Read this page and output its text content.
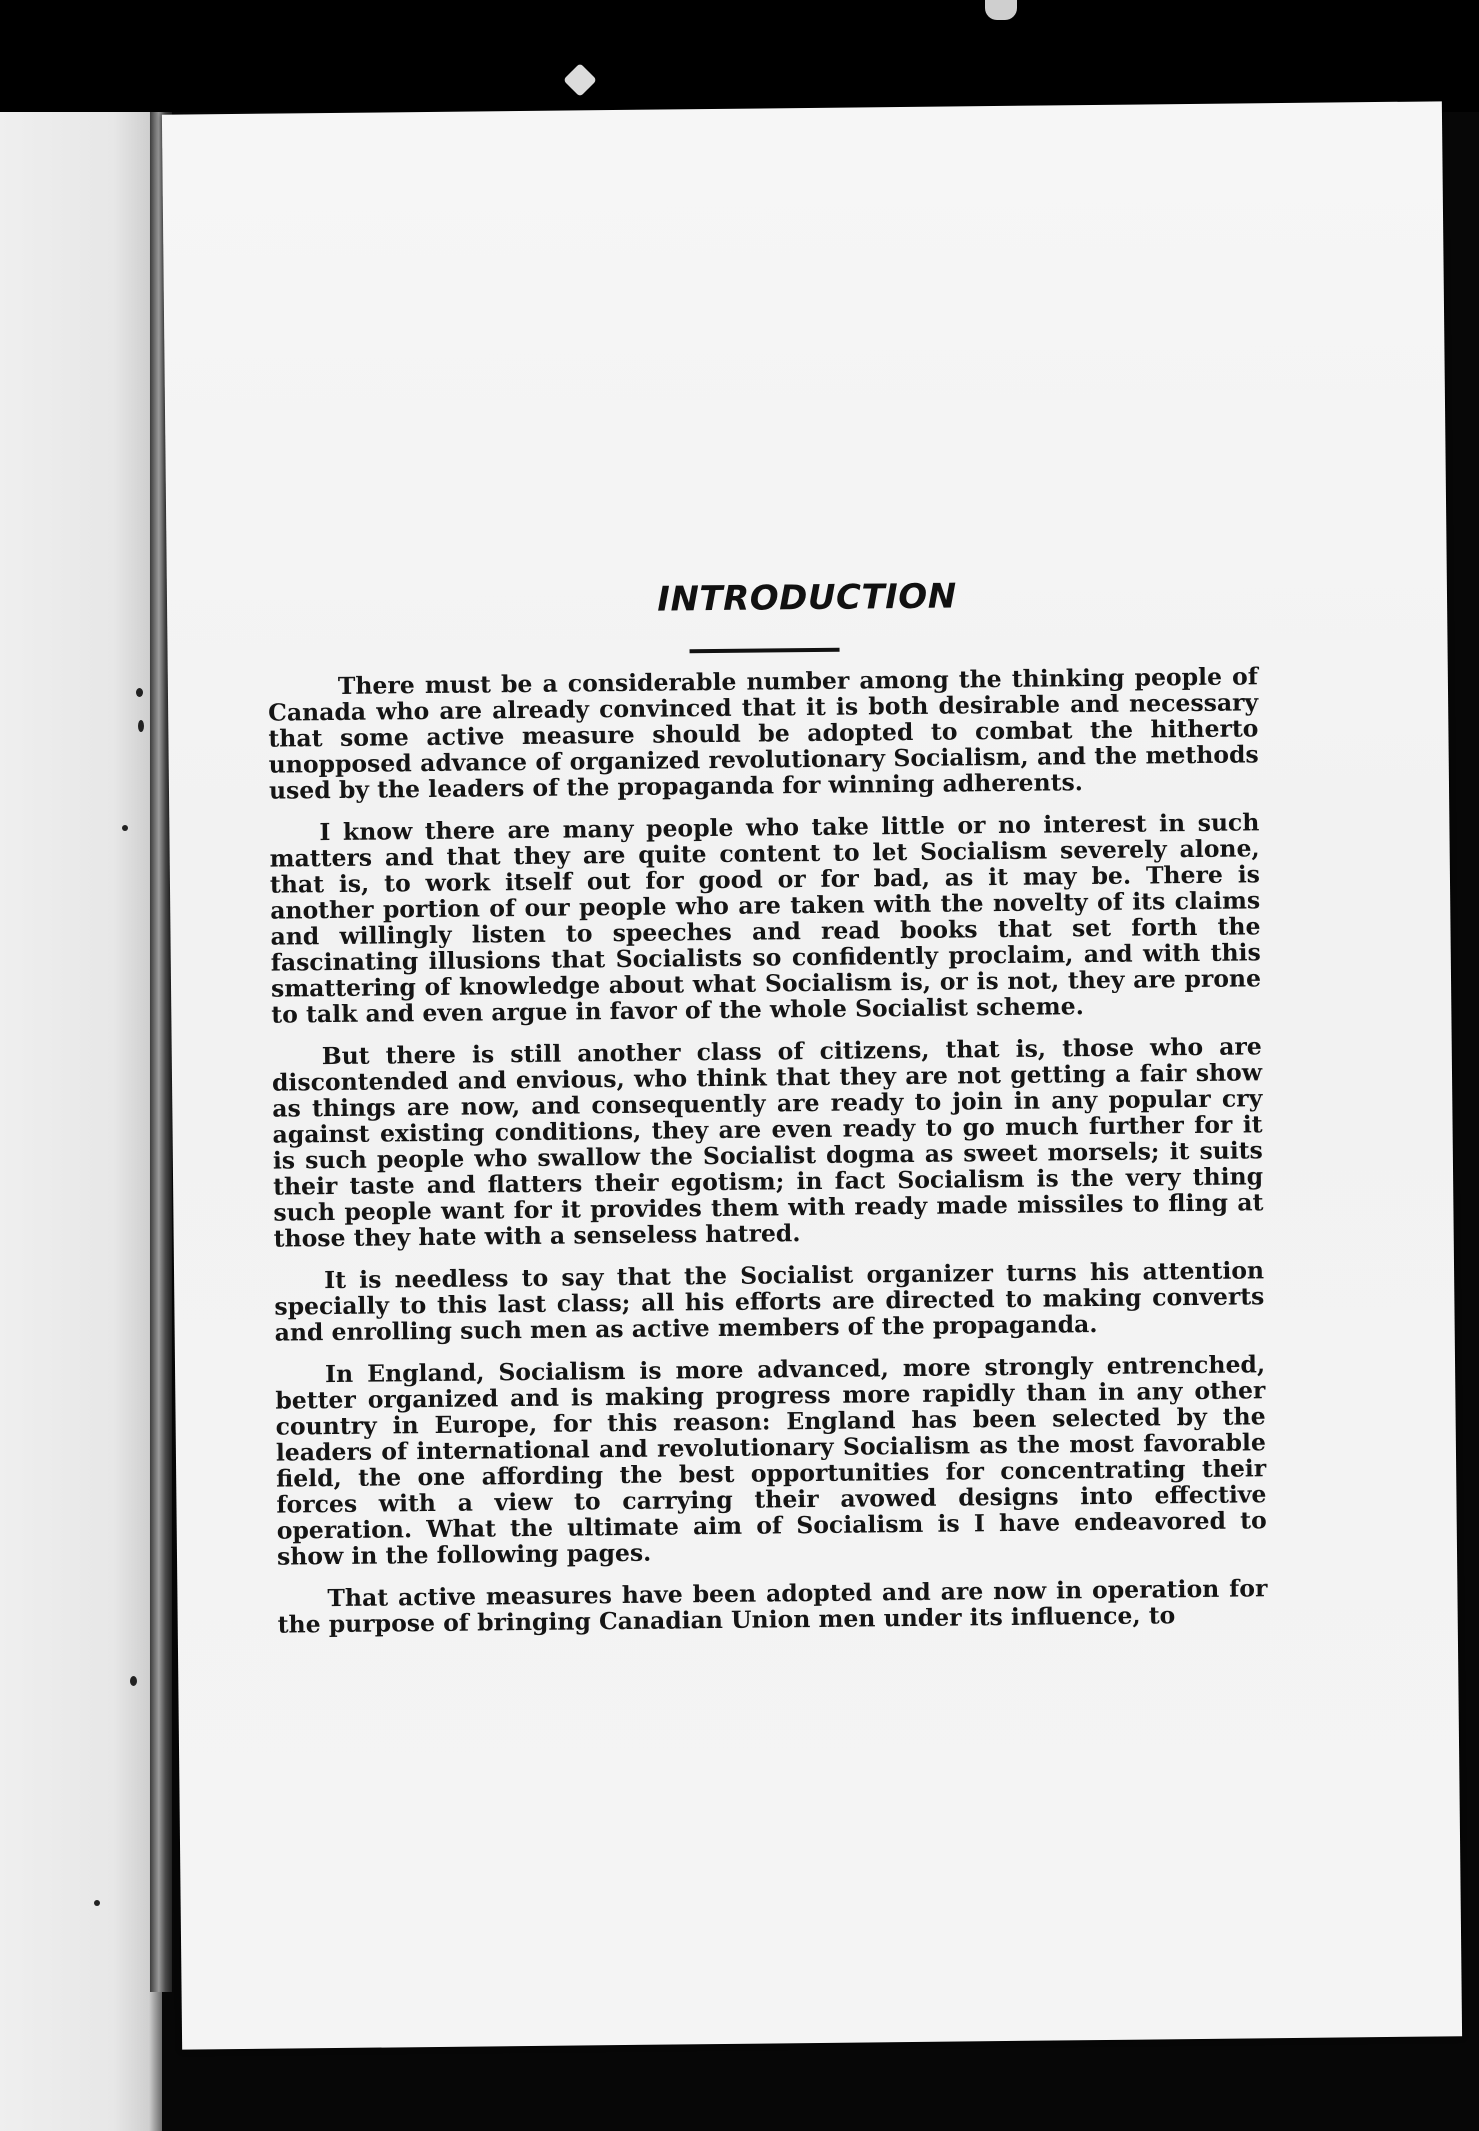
INTRODUCTION

There must be a considerable number among the thinking people of Canada who are already convinced that it is both desirable and necessary that some active measure should be adopted to combat the hitherto unopposed advance of organized revolutionary Socialism, and the methods used by the leaders of the propaganda for winning adherents.

I know there are many people who take little or no interest in such matters and that they are quite content to let Socialism severely alone, that is, to work itself out for good or for bad, as it may be. There is another portion of our people who are taken with the novelty of its claims and willingly listen to speeches and read books that set forth the fascinating illusions that Socialists so confidently proclaim, and with this smattering of knowledge about what Socialism is, or is not, they are prone to talk and even argue in favor of the whole Socialist scheme.

But there is still another class of citizens, that is, those who are discontended and envious, who think that they are not getting a fair show as things are now, and consequently are ready to join in any popular cry against existing conditions, they are even ready to go much further for it is such people who swallow the Socialist dogma as sweet morsels; it suits their taste and flatters their egotism; in fact Socialism is the very thing such people want for it provides them with ready made missiles to fling at those they hate with a senseless hatred.

It is needless to say that the Socialist organizer turns his attention specially to this last class; all his efforts are directed to making converts and enrolling such men as active members of the propaganda.

In England, Socialism is more advanced, more strongly entrenched, better organized and is making progress more rapidly than in any other country in Europe, for this reason: England has been selected by the leaders of international and revolutionary Socialism as the most favorable field, the one affording the best opportunities for concentrating their forces with a view to carrying their avowed designs into effective operation. What the ultimate aim of Socialism is I have endeavored to show in the following pages.

That active measures have been adopted and are now in operation for the purpose of bringing Canadian Union men under its influence, to
